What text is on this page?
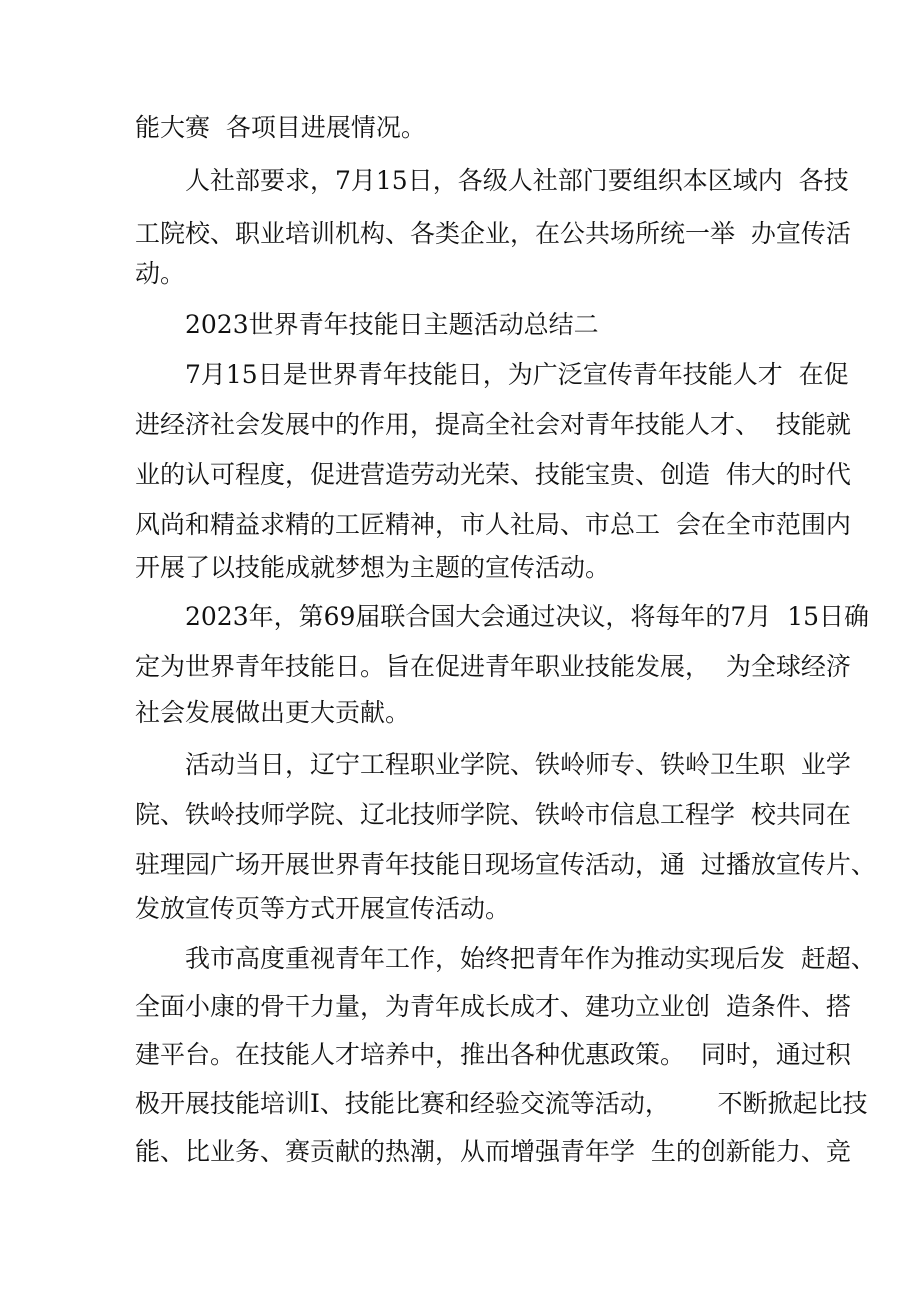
能大赛  各项目进展情况。
人社部要求，7月15日，各级人社部门要组织本区域内  各技
工院校、职业培训机构、各类企业，在公共场所统一举  办宣传活
动。
2023世界青年技能日主题活动总结二
7月15日是世界青年技能日，为广泛宣传青年技能人才  在促
进经济社会发展中的作用，提高全社会对青年技能人才、  技能就
业的认可程度，促进营造劳动光荣、技能宝贵、创造  伟大的时代
风尚和精益求精的工匠精神，市人社局、市总工  会在全市范围内
开展了以技能成就梦想为主题的宣传活动。
2023年，第69届联合国大会通过决议，将每年的7月  15日确
定为世界青年技能日。旨在促进青年职业技能发展，  为全球经济
社会发展做出更大贡献。
活动当日，辽宁工程职业学院、铁岭师专、铁岭卫生职  业学
院、铁岭技师学院、辽北技师学院、铁岭市信息工程学  校共同在
驻理园广场开展世界青年技能日现场宣传活动，通  过播放宣传片、
发放宣传页等方式开展宣传活动。
我市高度重视青年工作，始终把青年作为推动实现后发  赶超、
全面小康的骨干力量，为青年成长成才、建功立业创  造条件、搭
建平台。在技能人才培养中，推出各种优惠政策。  同时，通过积
极开展技能培训I、技能比赛和经验交流等活动，      不断掀起比技
能、比业务、赛贡献的热潮，从而增强青年学  生的创新能力、竞
